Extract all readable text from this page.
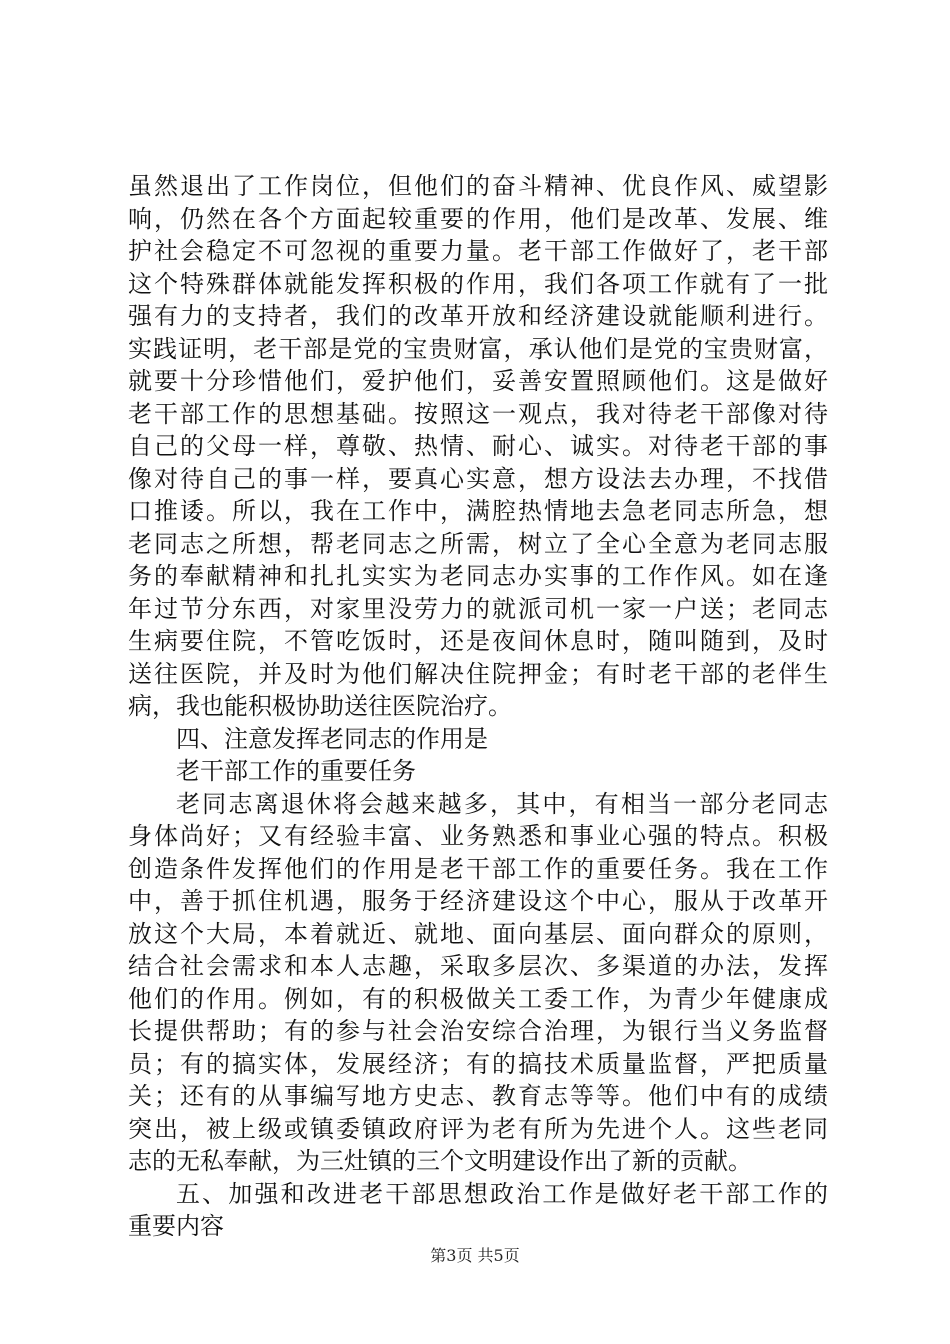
虽然退出了工作岗位，但他们的奋斗精神、优良作风、威望影
响，仍然在各个方面起较重要的作用，他们是改革、发展、维
护社会稳定不可忽视的重要力量。老干部工作做好了，老干部
这个特殊群体就能发挥积极的作用，我们各项工作就有了一批
强有力的支持者，我们的改革开放和经济建设就能顺利进行。
实践证明，老干部是党的宝贵财富，承认他们是党的宝贵财富，
就要十分珍惜他们，爱护他们，妥善安置照顾他们。这是做好
老干部工作的思想基础。按照这一观点，我对待老干部像对待
自己的父母一样，尊敬、热情、耐心、诚实。对待老干部的事
像对待自己的事一样，要真心实意，想方设法去办理，不找借
口推诿。所以，我在工作中，满腔热情地去急老同志所急，想
老同志之所想，帮老同志之所需，树立了全心全意为老同志服
务的奉献精神和扎扎实实为老同志办实事的工作作风。如在逢
年过节分东西，对家里没劳力的就派司机一家一户送；老同志
生病要住院，不管吃饭时，还是夜间休息时，随叫随到，及时
送往医院，并及时为他们解决住院押金；有时老干部的老伴生
病，我也能积极协助送往医院治疗。
四、注意发挥老同志的作用是
老干部工作的重要任务
老同志离退休将会越来越多，其中，有相当一部分老同志
身体尚好；又有经验丰富、业务熟悉和事业心强的特点。积极
创造条件发挥他们的作用是老干部工作的重要任务。我在工作
中，善于抓住机遇，服务于经济建设这个中心，服从于改革开
放这个大局，本着就近、就地、面向基层、面向群众的原则，
结合社会需求和本人志趣，采取多层次、多渠道的办法，发挥
他们的作用。例如，有的积极做关工委工作，为青少年健康成
长提供帮助；有的参与社会治安综合治理，为银行当义务监督
员；有的搞实体，发展经济；有的搞技术质量监督，严把质量
关；还有的从事编写地方史志、教育志等等。他们中有的成绩
突出，被上级或镇委镇政府评为老有所为先进个人。这些老同
志的无私奉献，为三灶镇的三个文明建设作出了新的贡献。
五、加强和改进老干部思想政治工作是做好老干部工作的
重要内容
第3页 共5页
